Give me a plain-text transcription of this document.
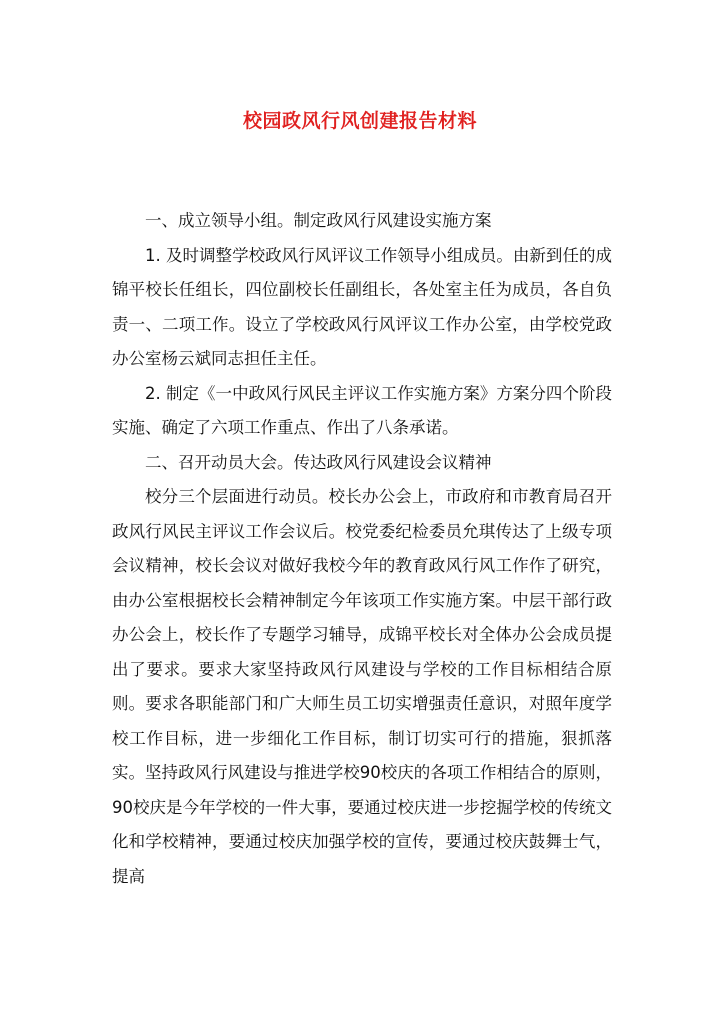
校园政风行风创建报告材料

一、成立领导小组。制定政风行风建设实施方案

1. 及时调整学校政风行风评议工作领导小组成员。由新到任的成锦平校长任组长，四位副校长任副组长，各处室主任为成员，各自负责一、二项工作。设立了学校政风行风评议工作办公室，由学校党政办公室杨云斌同志担任主任。

2. 制定《一中政风行风民主评议工作实施方案》方案分四个阶段实施、确定了六项工作重点、作出了八条承诺。

二、召开动员大会。传达政风行风建设会议精神

校分三个层面进行动员。校长办公会上，市政府和市教育局召开政风行风民主评议工作会议后。校党委纪检委员允琪传达了上级专项会议精神，校长会议对做好我校今年的教育政风行风工作作了研究，由办公室根据校长会精神制定今年该项工作实施方案。中层干部行政办公会上，校长作了专题学习辅导，成锦平校长对全体办公会成员提出了要求。要求大家坚持政风行风建设与学校的工作目标相结合原则。要求各职能部门和广大师生员工切实增强责任意识，对照年度学校工作目标，进一步细化工作目标，制订切实可行的措施，狠抓落实。坚持政风行风建设与推进学校90校庆的各项工作相结合的原则，90校庆是今年学校的一件大事，要通过校庆进一步挖掘学校的传统文化和学校精神，要通过校庆加强学校的宣传，要通过校庆鼓舞士气，提高
